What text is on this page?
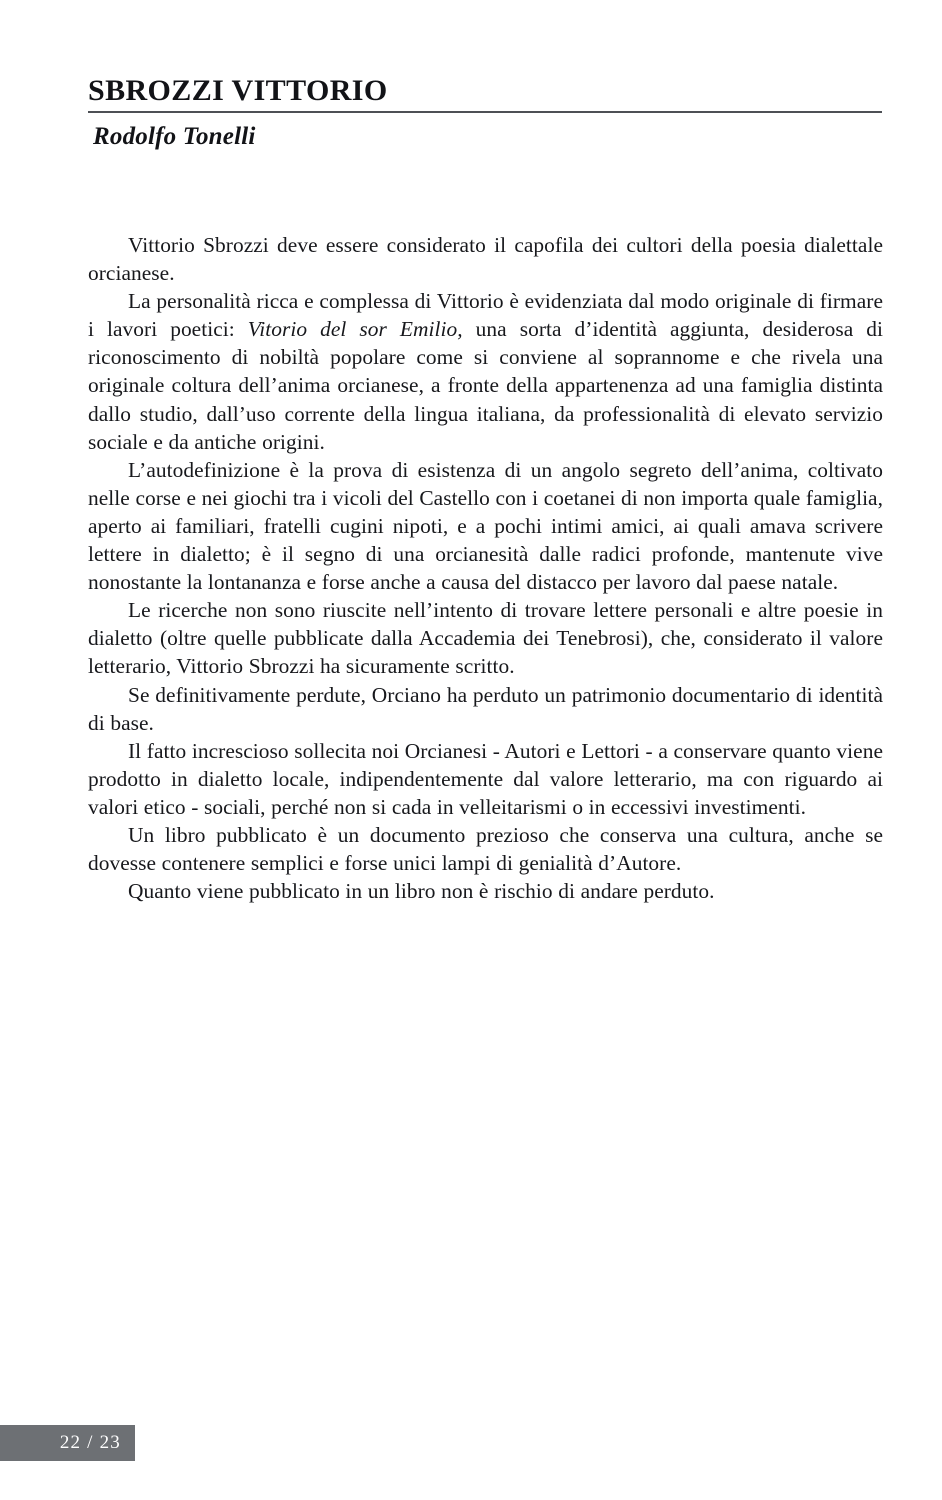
SBROZZI VITTORIO
Rodolfo Tonelli

Vittorio Sbrozzi deve essere considerato il capofila dei cultori della poesia dialettale orcianese.

La personalità ricca e complessa di Vittorio è evidenziata dal modo originale di firmare i lavori poetici: Vitorio del sor Emilio, una sorta d’identità aggiunta, desiderosa di riconoscimento di nobiltà popolare come si conviene al soprannome e che rivela una originale coltura dell’anima orcianese, a fronte della appartenenza ad una famiglia distinta dallo studio, dall’uso corrente della lingua italiana, da professionalità di elevato servizio sociale e da antiche origini.

L’autodefinizione è la prova di esistenza di un angolo segreto dell’anima, coltivato nelle corse e nei giochi tra i vicoli del Castello con i coetanei di non importa quale famiglia, aperto ai familiari, fratelli cugini nipoti, e a pochi intimi amici, ai quali amava scrivere lettere in dialetto; è il segno di una orcianesità dalle radici profonde, mantenute vive nonostante la lontananza e forse anche a causa del distacco per lavoro dal paese natale.

Le ricerche non sono riuscite nell’intento di trovare lettere personali e altre poesie in dialetto (oltre quelle pubblicate dalla Accademia dei Tenebrosi), che, considerato il valore letterario, Vittorio Sbrozzi ha sicuramente scritto.

Se definitivamente perdute, Orciano ha perduto un patrimonio documentario di identità di base.

Il fatto increscioso sollecita noi Orcianesi - Autori e Lettori - a conservare quanto viene prodotto in dialetto locale, indipendentemente dal valore letterario, ma con riguardo ai valori etico - sociali, perché non si cada in velleitarismi o in eccessivi investimenti.

Un libro pubblicato è un documento prezioso che conserva una cultura, anche se dovesse contenere semplici e forse unici lampi di genialità d’Autore.

Quanto viene pubblicato in un libro non è rischio di andare perduto.

22 / 23
